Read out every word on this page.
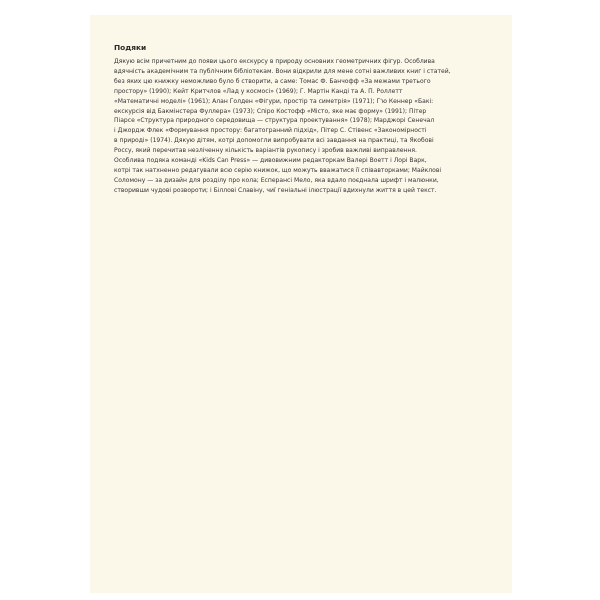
Подяки

Дякую всім причетним до появи цього екскурсу в природу основних геометричних фігур. Особлива
вдячність академічним та публічним бібліотекам. Вони відкрили для мене сотні важливих книг і статей,
без яких цю книжку неможливо було б створити, а саме: Томас Ф. Банчофф «За межами третього
простору» (1990); Кейт Критчлов «Лад у космосі» (1969); Г. Мартін Канді та А. П. Роллетт
«Математичні моделі» (1961); Алан Голден «Фігури, простір та симетрія» (1971); Г'ю Кеннер «Бакі:
екскурсія від Бакмінстера Фуллера» (1973); Спіро Костофф «Місто, яке має форму» (1991); Пітер
Піарсе «Структура природного середовища — структура проектування» (1978); Марджорі Сенечал
і Джордж Флек «Формування простору: багатогранний підхід», Пітер С. Стівенс «Закономірності
в природі» (1974). Дякую дітям, котрі допомогли випробувати всі завдання на практиці, та Якобові
Россу, який перечитав незліченну кількість варіантів рукопису і зробив важливі виправлення.
Особлива подяка команді «Kids Can Press» — дивовижним редакторкам Валері Воетт і Лорі Варк,
котрі так натхненно редагували всю серію книжок, що можуть вважатися її співавторками; Майклові
Соломону — за дизайн для розділу про кола; Есперансі Мело, яка вдало поєднала шрифт і малюнки,
створивши чудові розвороти; і Біллові Славіну, чиї геніальні ілюстрації вдихнули життя в цей текст.
